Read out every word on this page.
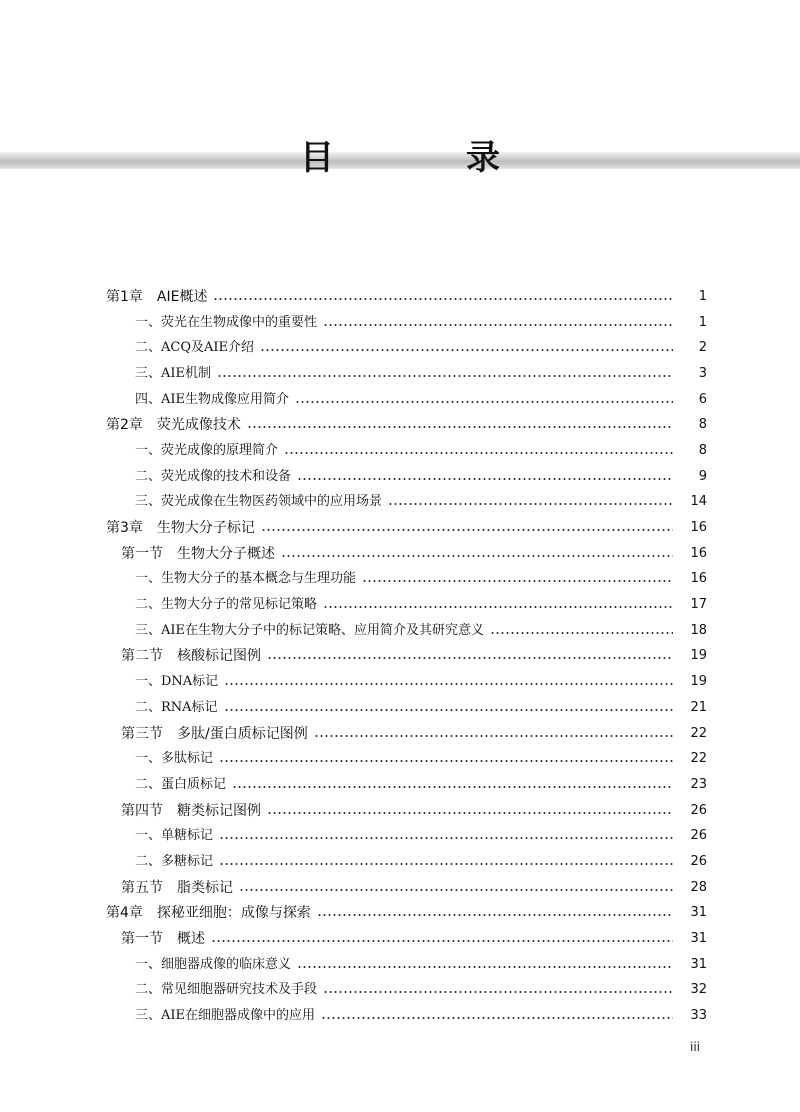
目	录
第1章　AIE概述	1
一、荧光在生物成像中的重要性	1
二、ACQ及AIE介绍	2
三、AIE机制	3
四、AIE生物成像应用简介	6
第2章　荧光成像技术	8
一、荧光成像的原理简介	8
二、荧光成像的技术和设备	9
三、荧光成像在生物医药领域中的应用场景	14
第3章　生物大分子标记	16
第一节　生物大分子概述	16
一、生物大分子的基本概念与生理功能	16
二、生物大分子的常见标记策略	17
三、AIE在生物大分子中的标记策略、应用简介及其研究意义	18
第二节　核酸标记图例	19
一、DNA标记	19
二、RNA标记	21
第三节　多肽/蛋白质标记图例	22
一、多肽标记	22
二、蛋白质标记	23
第四节　糖类标记图例	26
一、单糖标记	26
二、多糖标记	26
第五节　脂类标记	28
第4章　探秘亚细胞：成像与探索	31
第一节　概述	31
一、细胞器成像的临床意义	31
二、常见细胞器研究技术及手段	32
三、AIE在细胞器成像中的应用	33
iii
